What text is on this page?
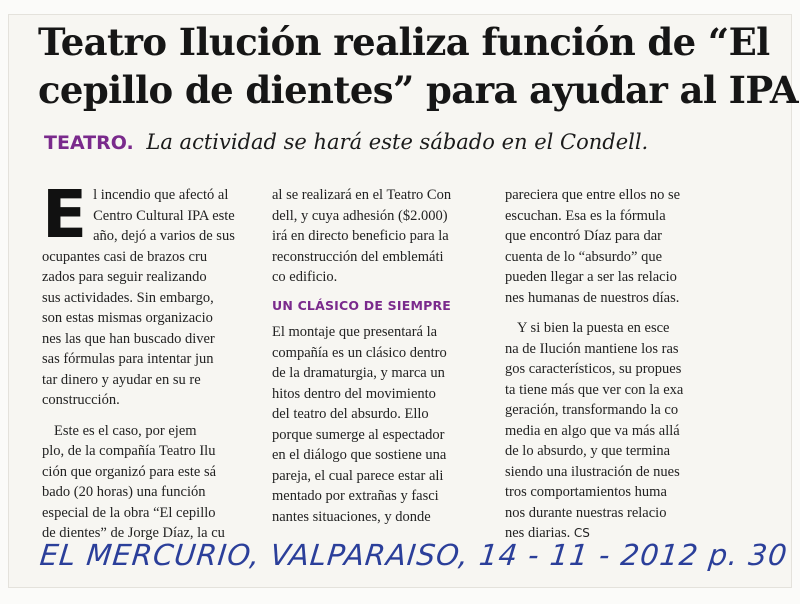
Teatro Ilución realiza función de “El
cepillo de dientes” para ayudar al IPA
TEATRO. La actividad se hará este sábado en el Condell.
E l incendio que afectó al
Centro Cultural IPA este
año, dejó a varios de sus
ocupantes casi de brazos cru
zados para seguir realizando
sus actividades. Sin embargo,
son estas mismas organizacio
nes las que han buscado diver
sas fórmulas para intentar jun
tar dinero y ayudar en su re
construcción.

Este es el caso, por ejem
plo, de la compañía Teatro Ilu
ción que organizó para este sá
bado (20 horas) una función
especial de la obra “El cepillo
de dientes” de Jorge Díaz, la cu

al se realizará en el Teatro Con
dell, y cuya adhesión ($2.000)
irá en directo beneficio para la
reconstrucción del emblemáti
co edificio.

UN CLÁSICO DE SIEMPRE

El montaje que presentará la
compañía es un clásico dentro
de la dramaturgia, y marca un
hitos dentro del movimiento
del teatro del absurdo. Ello
porque sumerge al espectador
en el diálogo que sostiene una
pareja, el cual parece estar ali
mentado por extrañas y fasci
nantes situaciones, y donde

pareciera que entre ellos no se
escuchan. Esa es la fórmula
que encontró Díaz para dar
cuenta de lo “absurdo” que
pueden llegar a ser las relacio
nes humanas de nuestros días.

Y si bien la puesta en esce
na de Ilución mantiene los ras
gos característicos, su propues
ta tiene más que ver con la exa
geración, transformando la co
media en algo que va más allá
de lo absurdo, y que termina
siendo una ilustración de nues
tros comportamientos huma
nos durante nuestras relacio
nes diarias. CS

EL MERCURIO, VALPARAISO, 14 - 11 - 2012 p. 30
